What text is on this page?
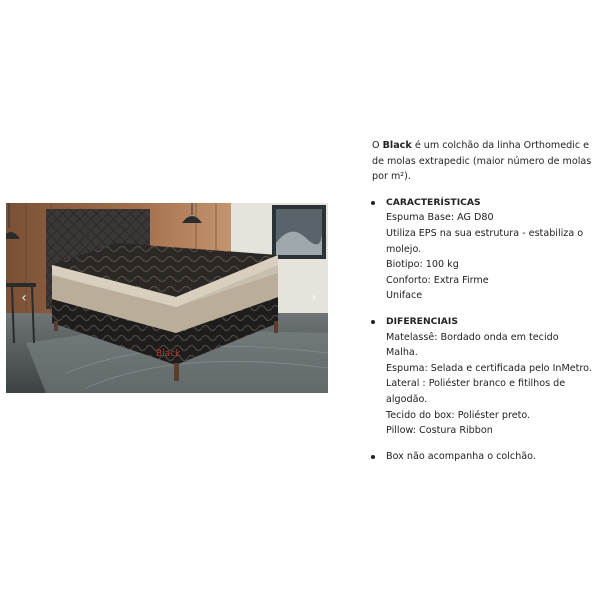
‹	›
Black

O Black é um colchão da linha Orthomedic e de molas extrapedic (maior número de molas por m²).

CARACTERÍSTICAS

Espuma Base: AG D80

Utiliza EPS na sua estrutura - estabiliza o molejo.

Biotipo: 100 kg

Conforto: Extra Firme

Uniface

DIFERENCIAIS

Matelassê: Bordado onda em tecido Malha.

Espuma: Selada e certificada pelo InMetro.

Lateral : Poliéster branco e fitilhos de algodão.

Tecido do box: Poliéster preto.

Pillow: Costura Ribbon

Box não acompanha o colchão.
